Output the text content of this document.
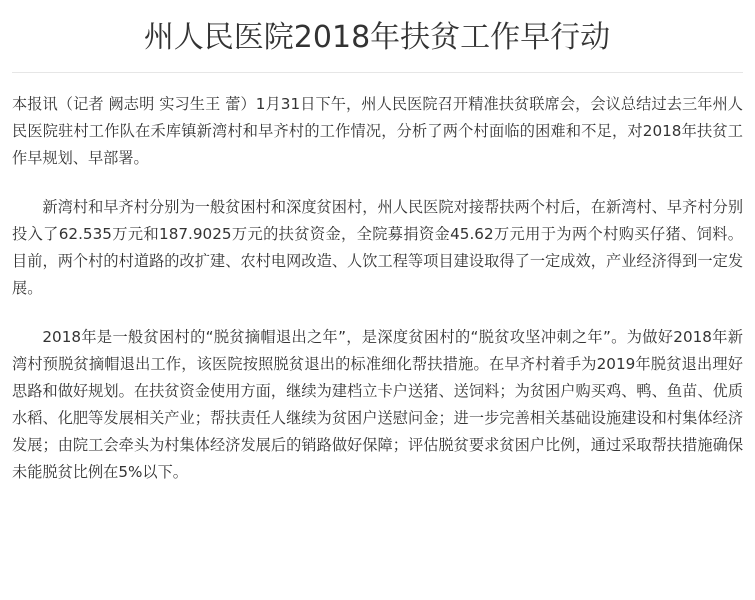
州人民医院2018年扶贫工作早行动

本报讯（记者 阙志明 实习生王 蕾）1月31日下午，州人民医院召开精准扶贫联席会，会议总结过去三年州人民医院驻村工作队在禾库镇新湾村和早齐村的工作情况，分析了两个村面临的困难和不足，对2018年扶贫工作早规划、早部署。

新湾村和早齐村分别为一般贫困村和深度贫困村，州人民医院对接帮扶两个村后，在新湾村、早齐村分别投入了62.535万元和187.9025万元的扶贫资金，全院募捐资金45.62万元用于为两个村购买仔猪、饲料。目前，两个村的村道路的改扩建、农村电网改造、人饮工程等项目建设取得了一定成效，产业经济得到一定发展。

2018年是一般贫困村的“脱贫摘帽退出之年”，是深度贫困村的“脱贫攻坚冲刺之年”。为做好2018年新湾村预脱贫摘帽退出工作，该医院按照脱贫退出的标准细化帮扶措施。在早齐村着手为2019年脱贫退出理好思路和做好规划。在扶贫资金使用方面，继续为建档立卡户送猪、送饲料；为贫困户购买鸡、鸭、鱼苗、优质水稻、化肥等发展相关产业；帮扶责任人继续为贫困户送慰问金；进一步完善相关基础设施建设和村集体经济发展；由院工会牵头为村集体经济发展后的销路做好保障；评估脱贫要求贫困户比例，通过采取帮扶措施确保未能脱贫比例在5%以下。
